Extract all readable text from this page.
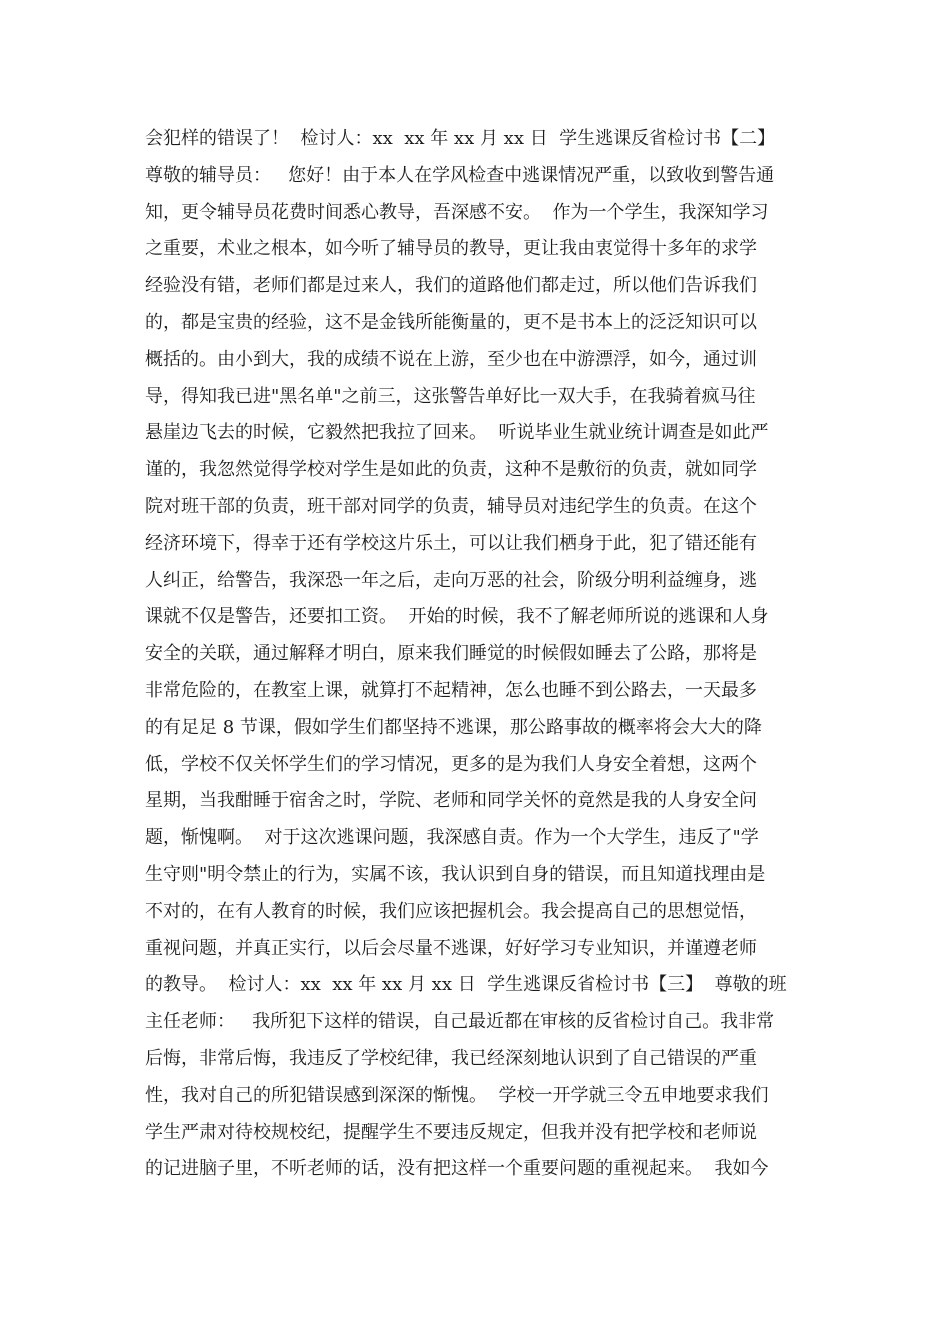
会犯样的错误了！  检讨人：xx  xx 年 xx 月 xx 日  学生逃课反省检讨书【二】
尊敬的辅导员：   您好！由于本人在学风检查中逃课情况严重，以致收到警告通
知，更令辅导员花费时间悉心教导，吾深感不安。  作为一个学生，我深知学习
之重要，术业之根本，如今听了辅导员的教导，更让我由衷觉得十多年的求学
经验没有错，老师们都是过来人，我们的道路他们都走过，所以他们告诉我们
的，都是宝贵的经验，这不是金钱所能衡量的，更不是书本上的泛泛知识可以
概括的。由小到大，我的成绩不说在上游，至少也在中游漂浮，如今，通过训
导，得知我已进"黑名单"之前三，这张警告单好比一双大手，在我骑着疯马往
悬崖边飞去的时候，它毅然把我拉了回来。  听说毕业生就业统计调查是如此严
谨的，我忽然觉得学校对学生是如此的负责，这种不是敷衍的负责，就如同学
院对班干部的负责，班干部对同学的负责，辅导员对违纪学生的负责。在这个
经济环境下，得幸于还有学校这片乐土，可以让我们栖身于此，犯了错还能有
人纠正，给警告，我深恐一年之后，走向万恶的社会，阶级分明利益缠身，逃
课就不仅是警告，还要扣工资。  开始的时候，我不了解老师所说的逃课和人身
安全的关联，通过解释才明白，原来我们睡觉的时候假如睡去了公路，那将是
非常危险的，在教室上课，就算打不起精神，怎么也睡不到公路去，一天最多
的有足足 8 节课，假如学生们都坚持不逃课，那公路事故的概率将会大大的降
低，学校不仅关怀学生们的学习情况，更多的是为我们人身安全着想，这两个
星期，当我酣睡于宿舍之时，学院、老师和同学关怀的竟然是我的人身安全问
题，惭愧啊。  对于这次逃课问题，我深感自责。作为一个大学生，违反了"学
生守则"明令禁止的行为，实属不该，我认识到自身的错误，而且知道找理由是
不对的，在有人教育的时候，我们应该把握机会。我会提高自己的思想觉悟，
重视问题，并真正实行，以后会尽量不逃课，好好学习专业知识，并谨遵老师
的教导。  检讨人：xx  xx 年 xx 月 xx 日  学生逃课反省检讨书【三】  尊敬的班
主任老师：   我所犯下这样的错误，自己最近都在审核的反省检讨自己。我非常
后悔，非常后悔，我违反了学校纪律，我已经深刻地认识到了自己错误的严重
性，我对自己的所犯错误感到深深的惭愧。  学校一开学就三令五申地要求我们
学生严肃对待校规校纪，提醒学生不要违反规定，但我并没有把学校和老师说
的记进脑子里，不听老师的话，没有把这样一个重要问题的重视起来。  我如今
